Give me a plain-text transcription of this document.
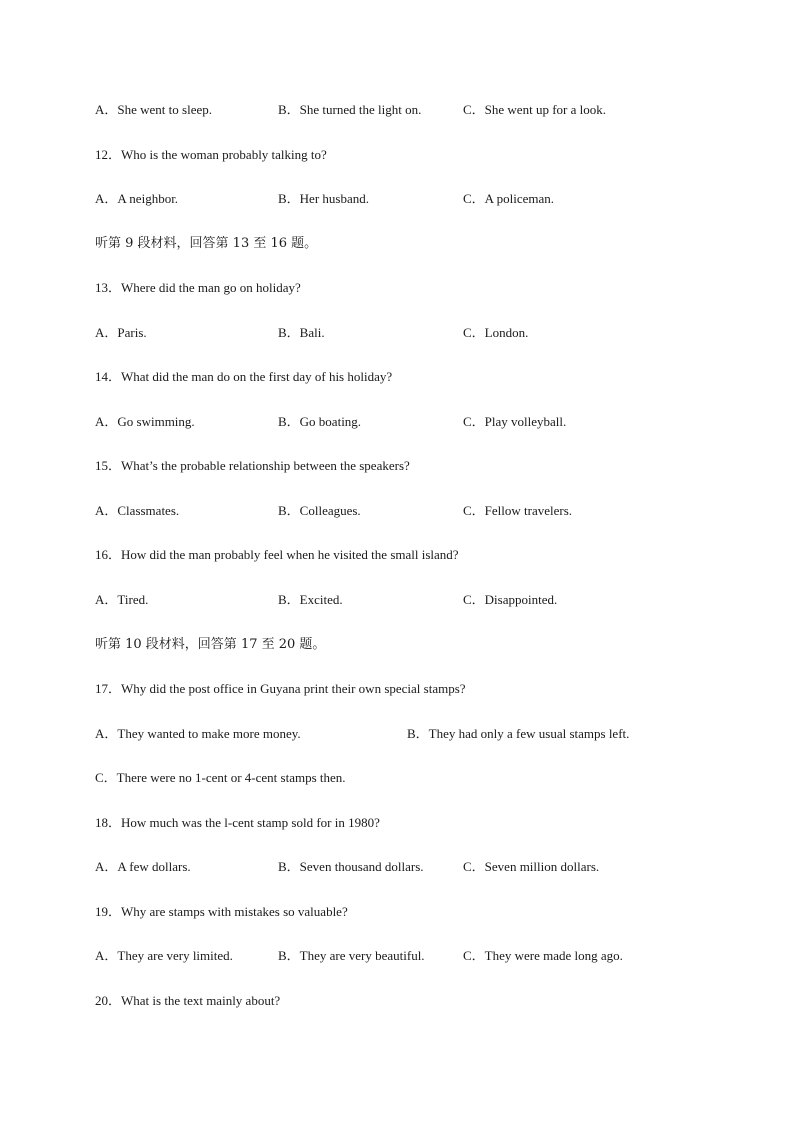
A．She went to sleep.	B．She turned the light on.	C．She went up for a look.
12．Who is the woman probably talking to?
A．A neighbor.	B．Her husband.	C．A policeman.
听第 9 段材料，回答第 13 至 16 题。
13．Where did the man go on holiday?
A．Paris.	B．Bali.	C．London.
14．What did the man do on the first day of his holiday?
A．Go swimming.	B．Go boating.	C．Play volleyball.
15．What’s the probable relationship between the speakers?
A．Classmates.	B．Colleagues.	C．Fellow travelers.
16．How did the man probably feel when he visited the small island?
A．Tired.	B．Excited.	C．Disappointed.
听第 10 段材料，回答第 17 至 20 题。
17．Why did the post office in Guyana print their own special stamps?
A．They wanted to make more money.	B．They had only a few usual stamps left.
C．There were no 1-cent or 4-cent stamps then.
18．How much was the l-cent stamp sold for in 1980?
A．A few dollars.	B．Seven thousand dollars.	C．Seven million dollars.
19．Why are stamps with mistakes so valuable?
A．They are very limited.	B．They are very beautiful.	C．They were made long ago.
20．What is the text mainly about?
